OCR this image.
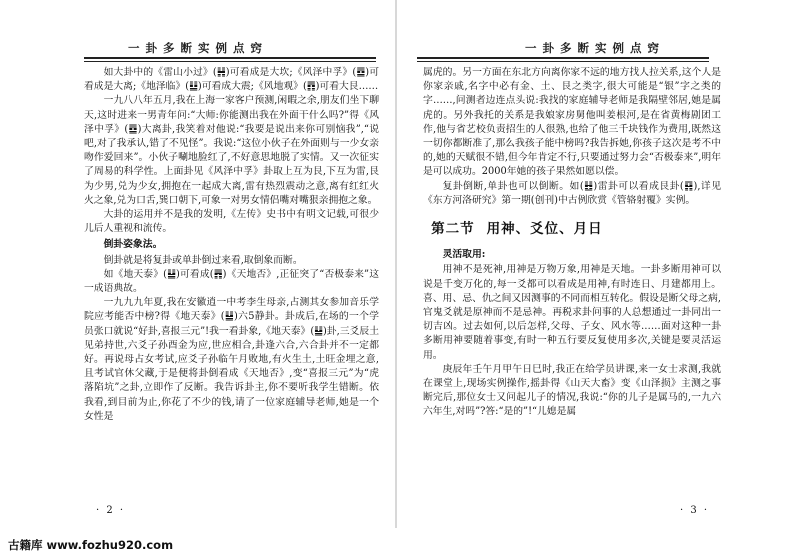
一卦多断实例点窍

如大卦中的《雷山小过》(䷽)可看成是大坎;《风泽中孚》(䷼)可看成是大离;《地泽临》(䷒)可看成大震;《风地观》(䷓)可看大艮……

一九八八年五月,我在上海一家客户预测,闲暇之余,朋友们坐下聊天,这时进来一男青年问:“大师:你能测出我在外面干什么吗?”得《风泽中孚》(䷼)大离卦,我笑着对他说:“我要是说出来你可别恼我”,“说吧,对了我承认,错了不见怪”。我说:“这位小伙子在外面则与一少女亲吻作爱回来”。小伙子唰地脸红了,不好意思地脱了实情。又一次征实了周易的科学性。上面卦见《风泽中孚》卦取上互为艮,下互为雷,艮为少男,兑为少女,拥抱在一起成大离,雷有热烈震动之意,离有红红火火之象,兑为口舌,巽口朝下,可象一对男女情侣嘴对嘴狠亲拥抱之象。

大卦的运用并不是我的发明,《左传》史书中有明文记载,可很少儿后人重视和流传。

倒卦姿象法。

倒卦就是将复卦或单卦倒过来看,取倒象而断。

如《地天泰》(䷊)可看成(䷋)《天地否》,正征突了“否极泰来”这一成语典故。

一九九九年夏,我在安徽逍一中考李生母亲,占测其女参加音乐学院应考能否中榜?得《地天泰》(䷊)六5静卦。卦成后,在场的一个学员张口就说“好卦,喜报三元”!我一看卦象,《地天泰》(䷊)卦,三爻辰土见弟持世,六爻子孙酉金为应,世应相合,卦逢六合,六合卦并不一定都好。再说母占女考试,应爻子孙临午月败地,有火生土,土旺金埋之意,且考试官休父藏,于是便将卦倒看成《天地否》,变“喜报三元”为“虎落陷坑”之卦,立即作了反断。我告诉卦主,你不要听我学生错断。依我看,到目前为止,你花了不少的钱,请了一位家庭辅导老师,她是一个女性是

· 2 ·
一卦多断实例点窍

属虎的。另一方面在东北方向离你家不远的地方找人拉关系,这个人是你家亲戚,名字中必有金、土、艮之类字,很大可能是“银”字之类的字……,问测者边连点头说:我找的家庭辅导老师是我隔壁邻居,她是属虎的。另外我托的关系是我娘家房舅他叫姜根河,是在省黄梅剧团工作,他与省艺校负责招生的人很熟,也给了他三千块钱作为费用,既然这一切你都断准了,那么我孩子能中榜吗?我告拆她,你孩子这次是考不中的,她的天赋很不错,但今年肯定不行,只要通过努力会“否极泰来”,明年是可以成功。2000年她的孩子果然如愿以偿。

复卦倒断,单卦也可以倒断。如(䷲)雷卦可以看成艮卦(䷳),详见《东方河洛研究》第一期(创刊)中古例欣赏《管辂射覆》实例。

第二节 用神、爻位、月日

灵活取用:

用神不是死神,用神是万物万象,用神是天地。一卦多断用神可以说是千变万化的,每一爻都可以看成是用神,有时连日、月建都用上。喜、用、忌、仇之间又因测事的不同而相互转化。假设是断父母之病,官鬼爻就是原神而不是忌神。再税求卦问事的人总想通过一卦同出一切吉凶。过去如何,以后怎样,父母、子女、风水等……面对这种一卦多断用神要随着事变,有时一种五行要反复使用多次,关键是要灵活运用。

庚辰年壬午月甲午日巳时,我正在给学员讲课,来一女士求测,我就在课堂上,现场实例操作,摇卦得《山天大畜》变《山泽损》主测之事断完后,那位女士又问起儿子的情况,我说:“你的儿子是属马的,一九六六年生,对吗”?答:“是的”!“儿媳是属

· 3 ·
古籍库 www.fozhu920.com
